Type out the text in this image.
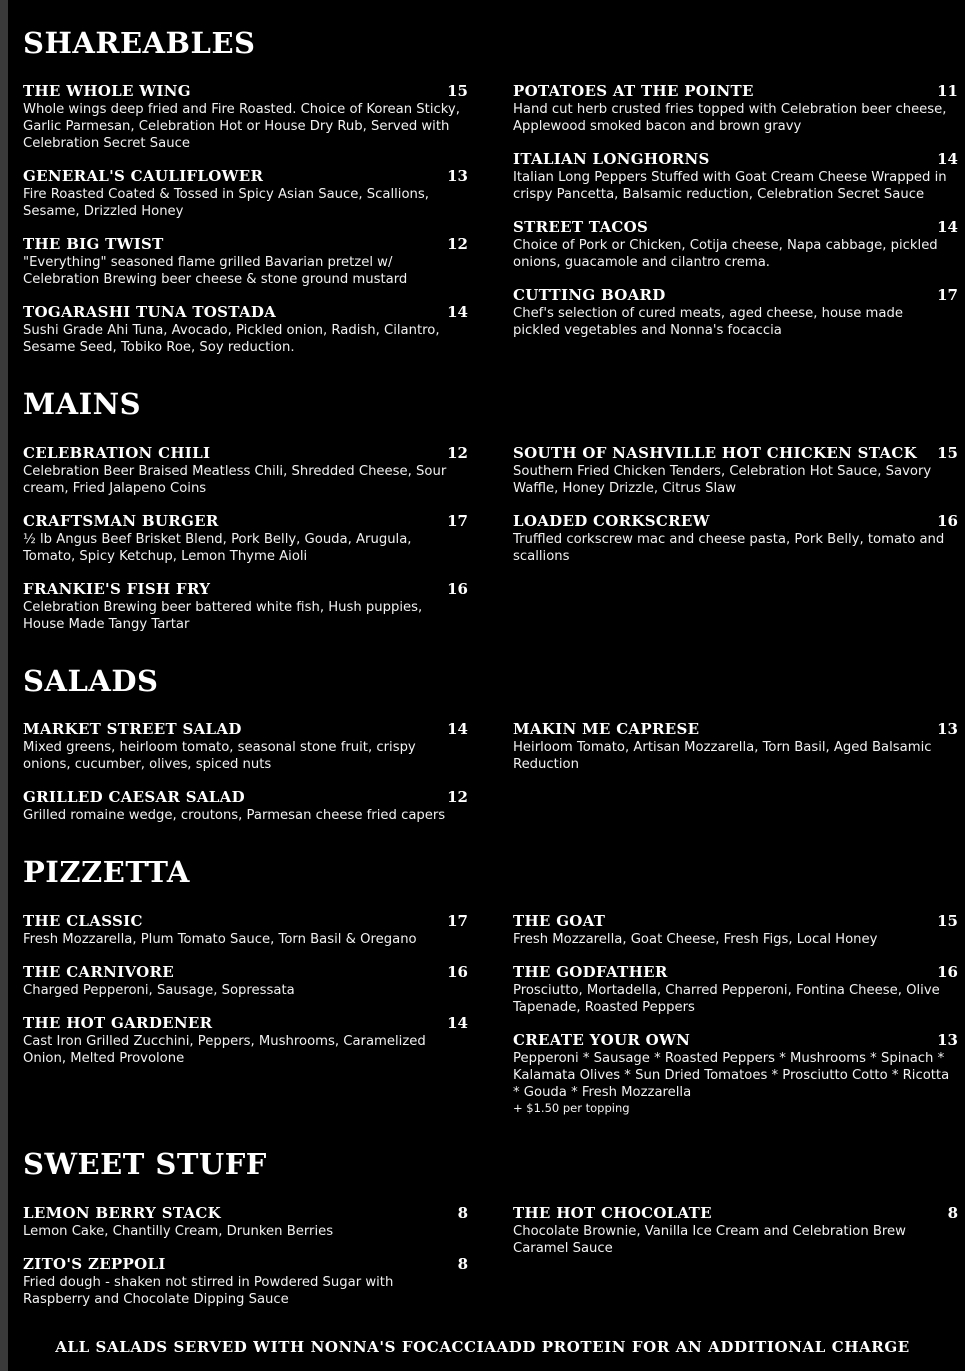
SHAREABLES
THE WHOLE WING	15
Whole wings deep fried and Fire Roasted. Choice of Korean Sticky, Garlic Parmesan, Celebration Hot or House Dry Rub, Served with Celebration Secret Sauce
GENERAL'S CAULIFLOWER	13
Fire Roasted Coated & Tossed in Spicy Asian Sauce, Scallions, Sesame, Drizzled Honey
THE BIG TWIST	12
"Everything" seasoned flame grilled Bavarian pretzel w/ Celebration Brewing beer cheese & stone ground mustard
TOGARASHI TUNA TOSTADA	14
Sushi Grade Ahi Tuna, Avocado, Pickled onion, Radish, Cilantro, Sesame Seed, Tobiko Roe, Soy reduction.
POTATOES AT THE POINTE	11
Hand cut herb crusted fries topped with Celebration beer cheese, Applewood smoked bacon and brown gravy
ITALIAN LONGHORNS	14
Italian Long Peppers Stuffed with Goat Cream Cheese Wrapped in crispy Pancetta, Balsamic reduction, Celebration Secret Sauce
STREET TACOS	14
Choice of Pork or Chicken, Cotija cheese, Napa cabbage, pickled onions, guacamole and cilantro crema.
CUTTING BOARD	17
Chef's selection of cured meats, aged cheese, house made pickled vegetables and Nonna's focaccia
MAINS
CELEBRATION CHILI	12
Celebration Beer Braised Meatless Chili, Shredded Cheese, Sour cream, Fried Jalapeno Coins
CRAFTSMAN BURGER	17
½ lb Angus Beef Brisket Blend, Pork Belly, Gouda, Arugula, Tomato, Spicy Ketchup, Lemon Thyme Aioli
FRANKIE'S FISH FRY	16
Celebration Brewing beer battered white fish, Hush puppies, House Made Tangy Tartar
SOUTH OF NASHVILLE HOT CHICKEN STACK 15
Southern Fried Chicken Tenders, Celebration Hot Sauce, Savory Waffle, Honey Drizzle, Citrus Slaw
LOADED CORKSCREW	16
Truffled corkscrew mac and cheese pasta, Pork Belly, tomato and scallions
SALADS
MARKET STREET SALAD	14
Mixed greens, heirloom tomato, seasonal stone fruit, crispy onions, cucumber, olives, spiced nuts
GRILLED CAESAR SALAD	12
Grilled romaine wedge, croutons, Parmesan cheese fried capers
MAKIN ME CAPRESE	13
Heirloom Tomato, Artisan Mozzarella, Torn Basil, Aged Balsamic Reduction
PIZZETTA
THE CLASSIC	17
Fresh Mozzarella, Plum Tomato Sauce, Torn Basil & Oregano
THE CARNIVORE	16
Charged Pepperoni, Sausage, Sopressata
THE HOT GARDENER	14
Cast Iron Grilled Zucchini, Peppers, Mushrooms, Caramelized Onion, Melted Provolone
THE GOAT	15
Fresh Mozzarella, Goat Cheese, Fresh Figs, Local Honey
THE GODFATHER	16
Prosciutto, Mortadella, Charred Pepperoni, Fontina Cheese, Olive Tapenade, Roasted Peppers
CREATE YOUR OWN	13
Pepperoni * Sausage * Roasted Peppers * Mushrooms * Spinach * Kalamata Olives * Sun Dried Tomatoes * Prosciutto Cotto * Ricotta * Gouda * Fresh Mozzarella
+ $1.50 per topping
SWEET STUFF
LEMON BERRY STACK	8
Lemon Cake, Chantilly Cream, Drunken Berries
ZITO'S ZEPPOLI	8
Fried dough - shaken not stirred in Powdered Sugar with Raspberry and Chocolate Dipping Sauce
THE HOT CHOCOLATE	8
Chocolate Brownie, Vanilla Ice Cream and Celebration Brew Caramel Sauce
ALL SALADS SERVED WITH NONNA'S FOCACCIAADD PROTEIN FOR AN ADDITIONAL CHARGE
